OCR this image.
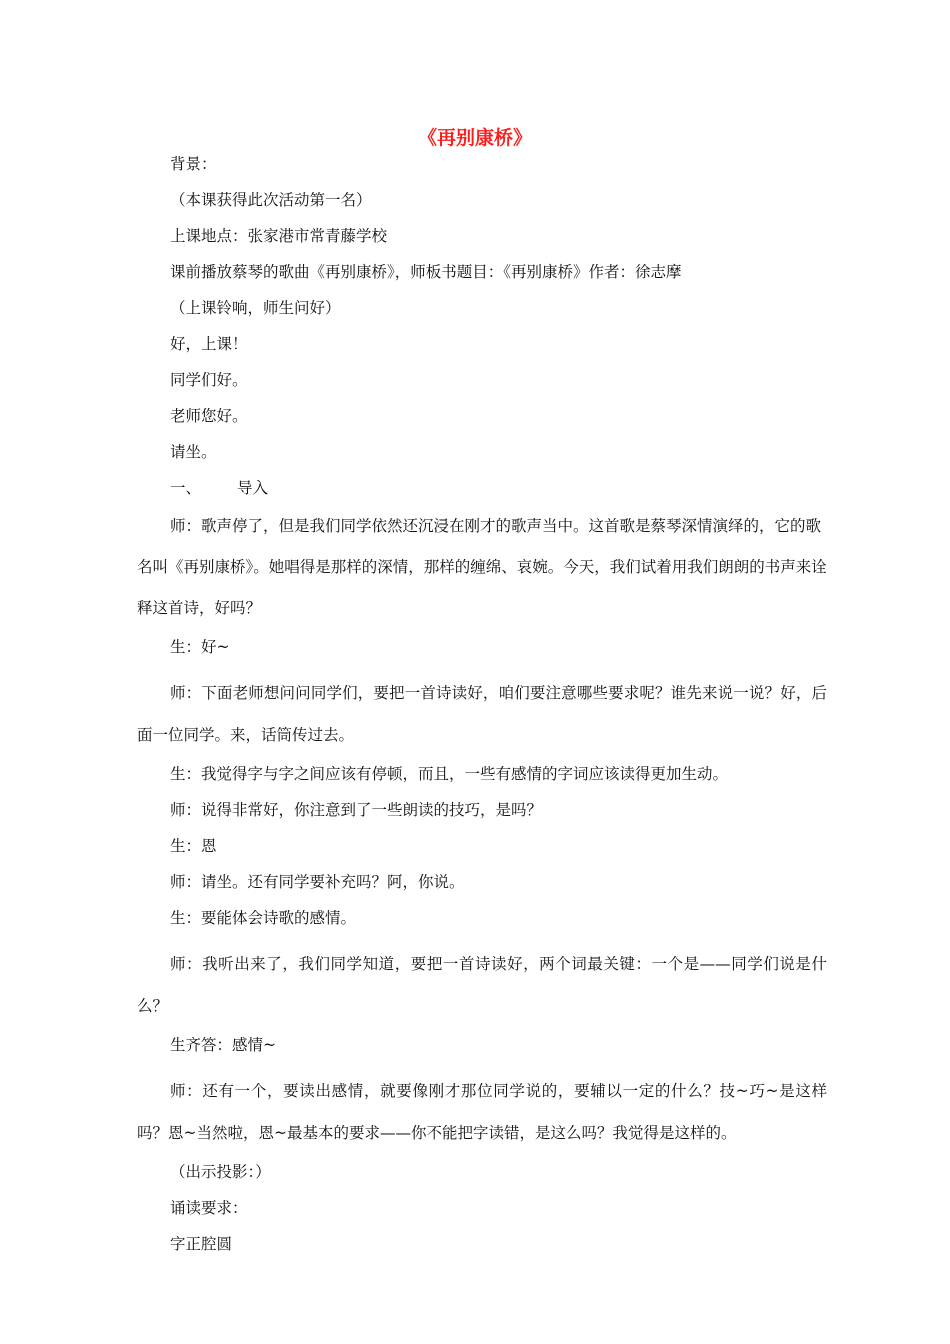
《再别康桥》

背景：

（本课获得此次活动第一名）

上课地点：张家港市常青藤学校

课前播放蔡琴的歌曲《再别康桥》，师板书题目：《再别康桥》作者：徐志摩

（上课铃响，师生问好）

好，上课！

同学们好。

老师您好。

请坐。

一、 导入

师：歌声停了，但是我们同学依然还沉浸在刚才的歌声当中。这首歌是蔡琴深情演绎的，它的歌名叫《再别康桥》。她唱得是那样的深情，那样的缠绵、哀婉。今天，我们试着用我们朗朗的书声来诠释这首诗，好吗？

生：好~

师：下面老师想问问同学们，要把一首诗读好，咱们要注意哪些要求呢？谁先来说一说？好，后面一位同学。来，话筒传过去。

生：我觉得字与字之间应该有停顿，而且，一些有感情的字词应该读得更加生动。

师：说得非常好，你注意到了一些朗读的技巧，是吗？

生：恩

师：请坐。还有同学要补充吗？阿，你说。

生：要能体会诗歌的感情。

师：我听出来了，我们同学知道，要把一首诗读好，两个词最关键：一个是——同学们说是什么？

生齐答：感情~

师：还有一个，要读出感情，就要像刚才那位同学说的，要辅以一定的什么？技~巧~是这样吗？恩~当然啦，恩~最基本的要求——你不能把字读错，是这么吗？我觉得是这样的。

（出示投影：）

诵读要求：

字正腔圆
